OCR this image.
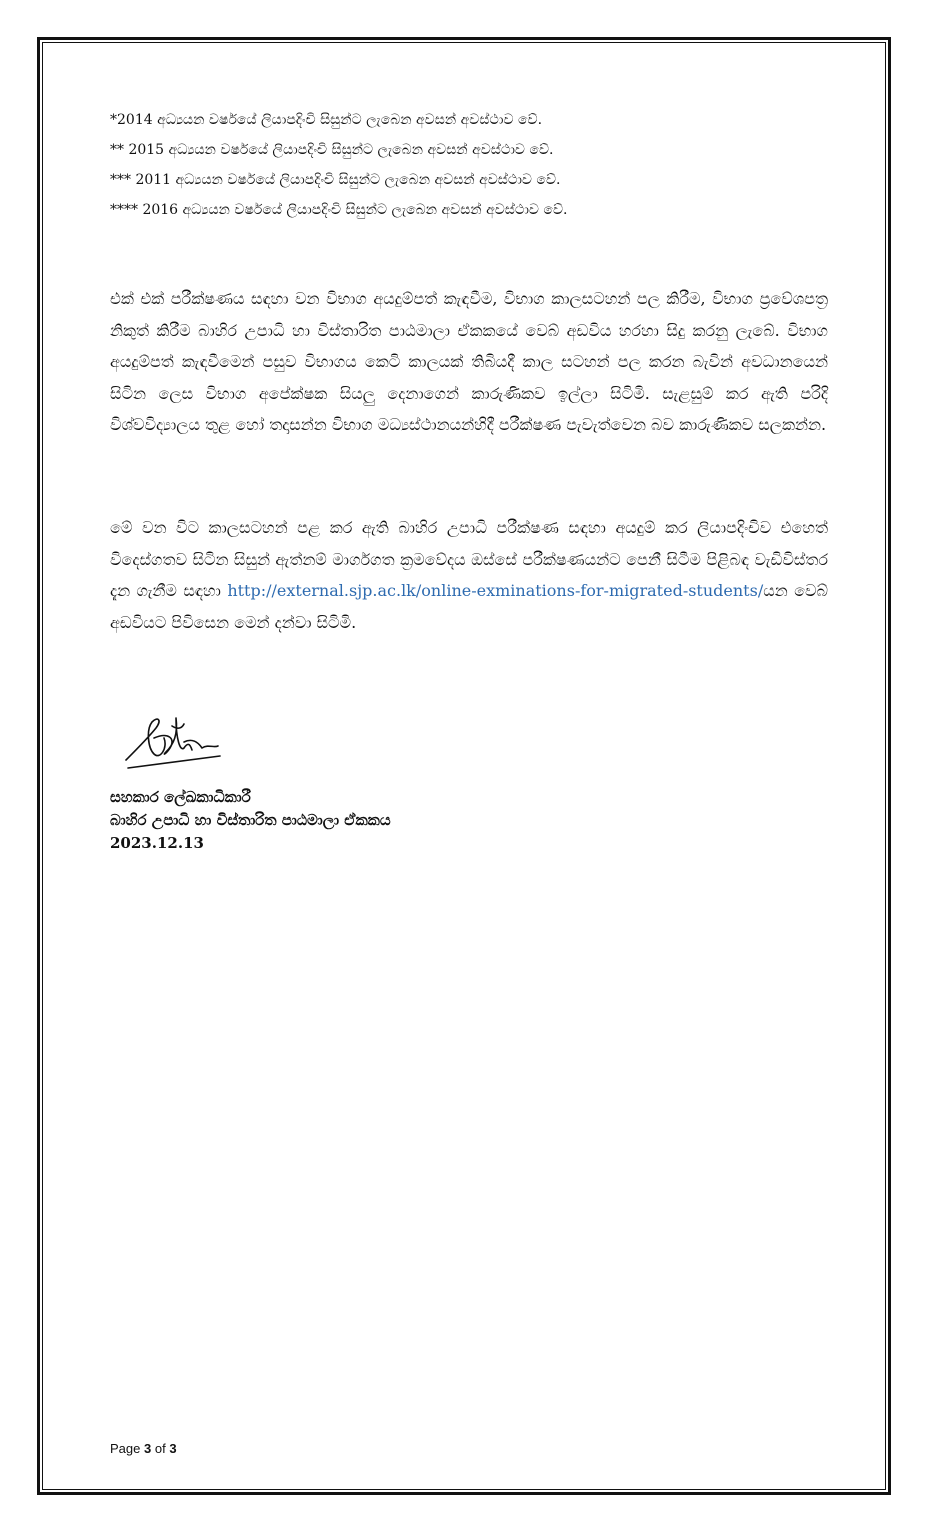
*2014 අධ්‍යයන වර්ෂයේ ලියාපදිංචි සිසුන්ට ලැබෙන අවසන් අවස්ථාව වේ.

** 2015 අධ්‍යයන වර්ෂයේ ලියාපදිංචි සිසුන්ට ලැබෙන අවසන් අවස්ථාව වේ.

*** 2011 අධ්‍යයන වර්ෂයේ ලියාපදිංචි සිසුන්ට ලැබෙන අවසන් අවස්ථාව වේ.

**** 2016 අධ්‍යයන වර්ෂයේ ලියාපදිංචි සිසුන්ට ලැබෙන අවසන් අවස්ථාව වේ.

එක් එක් පරීක්ෂණය සඳහා වන විභාග අයදුම්පත් කැඳවීම, විභාග කාලසටහන් පල කිරීම, විභාග ප්‍රවේශපත්‍ර නිකුත් කිරීම බාහිර උපාධි හා විස්තාරිත පාඨමාලා ඒකකයේ වෙබ් අඩවිය හරහා සිදු කරනු ලැබේ. විභාග අයදුම්පත් කැඳවීමෙන් පසුව විභාගය කෙටි කාලයක් තිබියදී කාල සටහන් පල කරන බැවින් අවධානයෙන් සිටින ලෙස විභාග අපේක්ෂක සියලු දෙනාගෙන් කාරුණිකව ඉල්ලා සිටිමි. සැළසුම් කර ඇති පරිදි විශ්වවිද්‍යාලය තුළ හෝ තදාසන්න විභාග මධ්‍යස්ථානයන්හිදී පරීක්ෂණ පැවැත්වෙන බව කාරුණිකව සලකන්න.

මේ වන විට කාලසටහන් පළ කර ඇති බාහිර උපාධි පරීක්ෂණ සඳහා අයදුම් කර ලියාපදිංචිව එහෙත් විදෙස්ගතව සිටින සිසුන් ඇත්නම් මාර්ගගත ක්‍රමවේදය ඔස්සේ පරීක්ෂණයන්ට පෙනී සිටීම පිළිබඳ වැඩිවිස්තර දැන ගැනීම සඳහා http://external.sjp.ac.lk/online-exminations-for-migrated-students/යන වෙබ් අඩවියට පිවිසෙන මෙන් දන්වා සිටිමි.

සහකාර ලේඛකාධිකාරී
බාහිර උපාධි හා විස්තාරිත පාඨමාලා ඒකකය
2023.12.13
Page 3 of 3
